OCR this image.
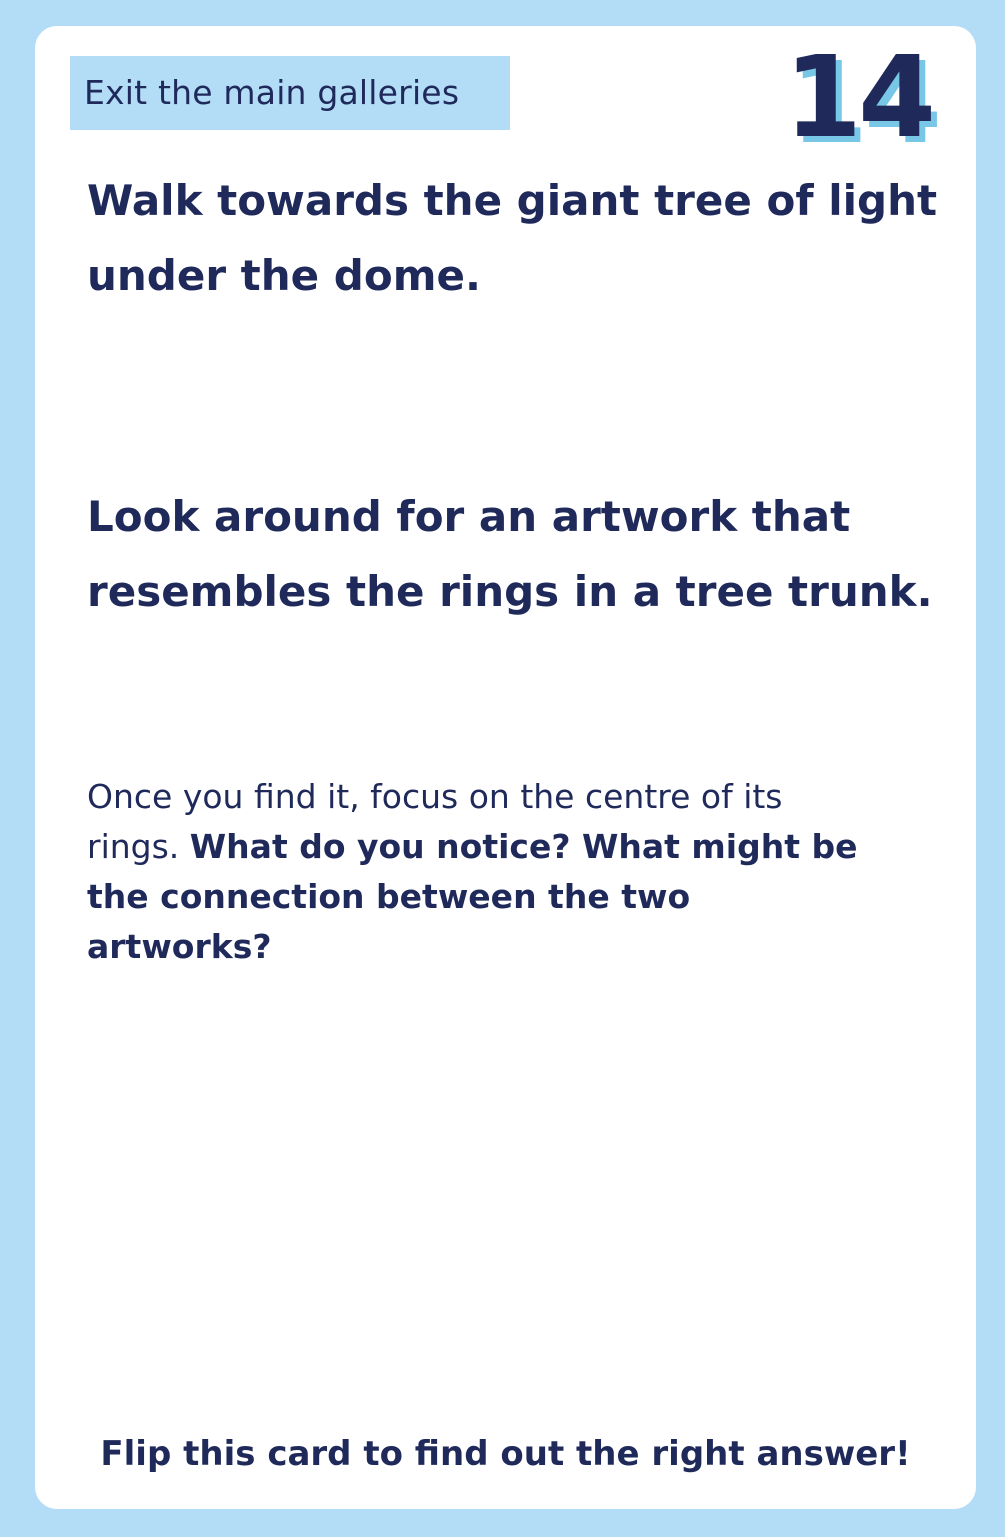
Exit the main galleries	14

Walk towards the giant tree of light under the dome.

Look around for an artwork that resembles the rings in a tree trunk.

Once you find it, focus on the centre of its rings. What do you notice? What might be the connection between the two artworks?

Flip this card to find out the right answer!
